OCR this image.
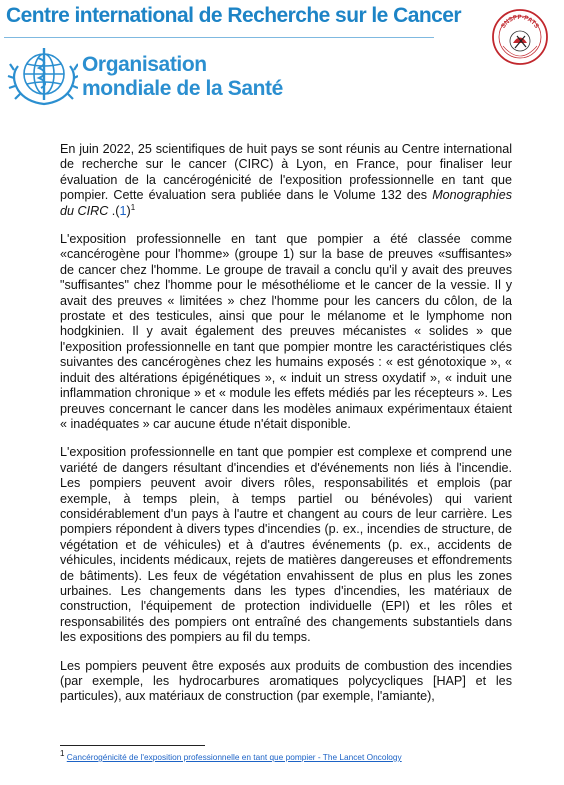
Centre international de Recherche sur le Cancer
Organisation
mondiale de la Santé
SNSPP-PATS

En juin 2022, 25 scientifiques de huit pays se sont réunis au Centre international de recherche sur le cancer (CIRC) à Lyon, en France, pour finaliser leur évaluation de la cancérogénicité de l'exposition professionnelle en tant que pompier. Cette évaluation sera publiée dans le Volume 132 des Monographies du CIRC $.(1)^1$

L'exposition professionnelle en tant que pompier a été classée comme «cancérogène pour l'homme» (groupe 1) sur la base de preuves «suffisantes» de cancer chez l'homme. Le groupe de travail a conclu qu'il y avait des preuves "suffisantes" chez l'homme pour le mésothéliome et le cancer de la vessie. Il y avait des preuves « limitées » chez l'homme pour les cancers du côlon, de la prostate et des testicules, ainsi que pour le mélanome et le lymphome non hodgkinien. Il y avait également des preuves mécanistes « solides » que l'exposition professionnelle en tant que pompier montre les caractéristiques clés suivantes des cancérogènes chez les humains exposés : « est génotoxique », « induit des altérations épigénétiques », « induit un stress oxydatif », « induit une inflammation chronique » et « module les effets médiés par les récepteurs ». Les preuves concernant le cancer dans les modèles animaux expérimentaux étaient « inadéquates » car aucune étude n'était disponible.

L'exposition professionnelle en tant que pompier est complexe et comprend une variété de dangers résultant d'incendies et d'événements non liés à l'incendie. Les pompiers peuvent avoir divers rôles, responsabilités et emplois (par exemple, à temps plein, à temps partiel ou bénévoles) qui varient considérablement d'un pays à l'autre et changent au cours de leur carrière. Les pompiers répondent à divers types d'incendies (p. ex., incendies de structure, de végétation et de véhicules) et à d'autres événements (p. ex., accidents de véhicules, incidents médicaux, rejets de matières dangereuses et effondrements de bâtiments). Les feux de végétation envahissent de plus en plus les zones urbaines. Les changements dans les types d'incendies, les matériaux de construction, l'équipement de protection individuelle (EPI) et les rôles et responsabilités des pompiers ont entraîné des changements substantiels dans les expositions des pompiers au fil du temps.

Les pompiers peuvent être exposés aux produits de combustion des incendies (par exemple, les hydrocarbures aromatiques polycycliques [HAP] et les particules), aux matériaux de construction (par exemple, l'amiante),

$^1$ Cancérogénicité de l'exposition professionnelle en tant que pompier - The Lancet Oncology
